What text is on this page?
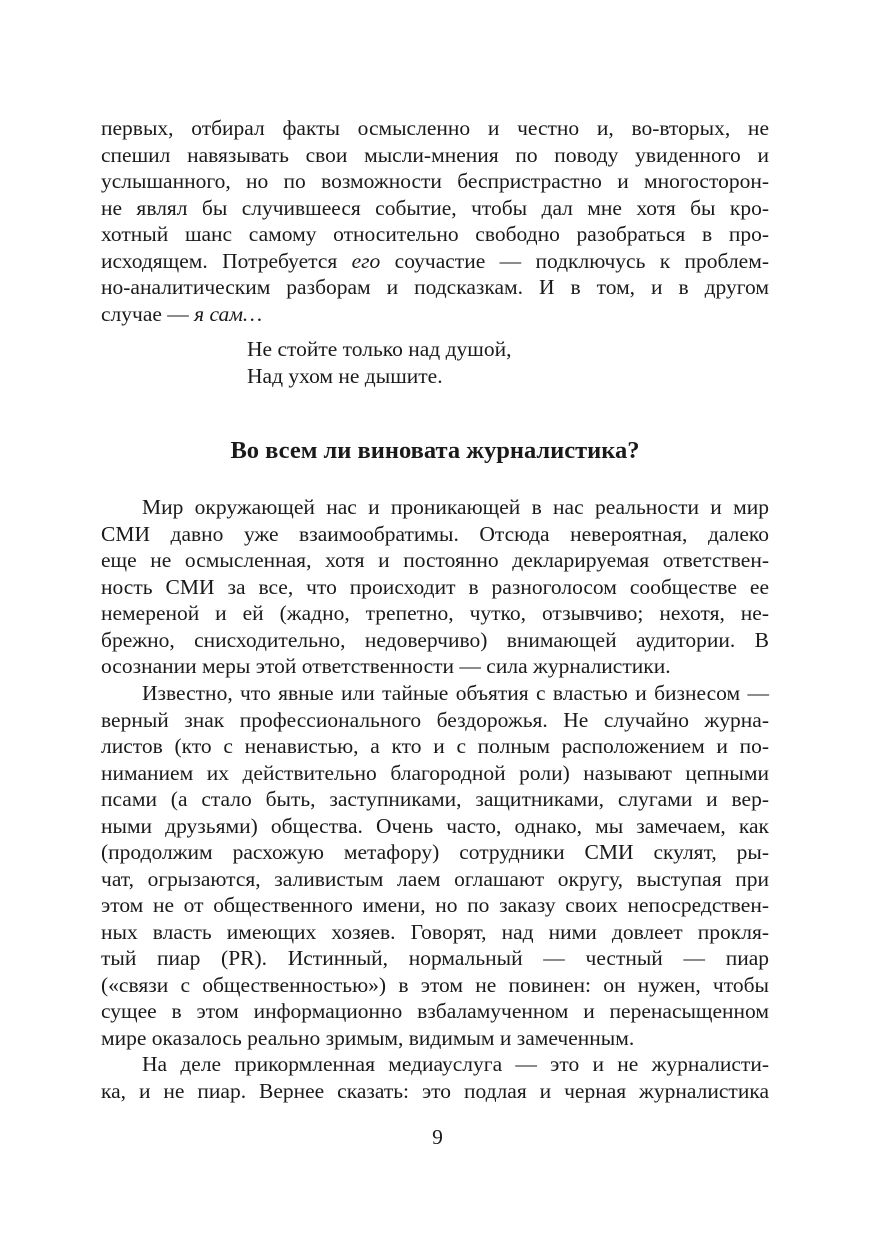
первых, отбирал факты осмысленно и честно и, во-вторых, не
спешил навязывать свои мысли-мнения по поводу увиденного и
услышанного, но по возможности беспристрастно и многосторон-
не являл бы случившееся событие, чтобы дал мне хотя бы кро-
хотный шанс самому относительно свободно разобраться в про-
исходящем. Потребуется его соучастие — подключусь к проблем-
но-аналитическим разборам и подсказкам. И в том, и в другом
случае — я сам…
Не стойте только над душой,
Над ухом не дышите.
Во всем ли виновата журналистика?
Мир окружающей нас и проникающей в нас реальности и мир
СМИ давно уже взаимообратимы. Отсюда невероятная, далеко
еще не осмысленная, хотя и постоянно декларируемая ответствен-
ность СМИ за все, что происходит в разноголосом сообществе ее
немереной и ей (жадно, трепетно, чутко, отзывчиво; нехотя, не-
брежно, снисходительно, недоверчиво) внимающей аудитории. В
осознании меры этой ответственности — сила журналистики.
Известно, что явные или тайные объятия с властью и бизнесом —
верный знак профессионального бездорожья. Не случайно журна-
листов (кто с ненавистью, а кто и с полным расположением и по-
ниманием их действительно благородной роли) называют цепными
псами (а стало быть, заступниками, защитниками, слугами и вер-
ными друзьями) общества. Очень часто, однако, мы замечаем, как
(продолжим расхожую метафору) сотрудники СМИ скулят, ры-
чат, огрызаются, заливистым лаем оглашают округу, выступая при
этом не от общественного имени, но по заказу своих непосредствен-
ных власть имеющих хозяев. Говорят, над ними довлеет прокля-
тый пиар (PR). Истинный, нормальный — честный — пиар
(«связи с общественностью») в этом не повинен: он нужен, чтобы
сущее в этом информационно взбаламученном и перенасыщенном
мире оказалось реально зримым, видимым и замеченным.
На деле прикормленная медиауслуга — это и не журналисти-
ка, и не пиар. Вернее сказать: это подлая и черная журналистика
9
